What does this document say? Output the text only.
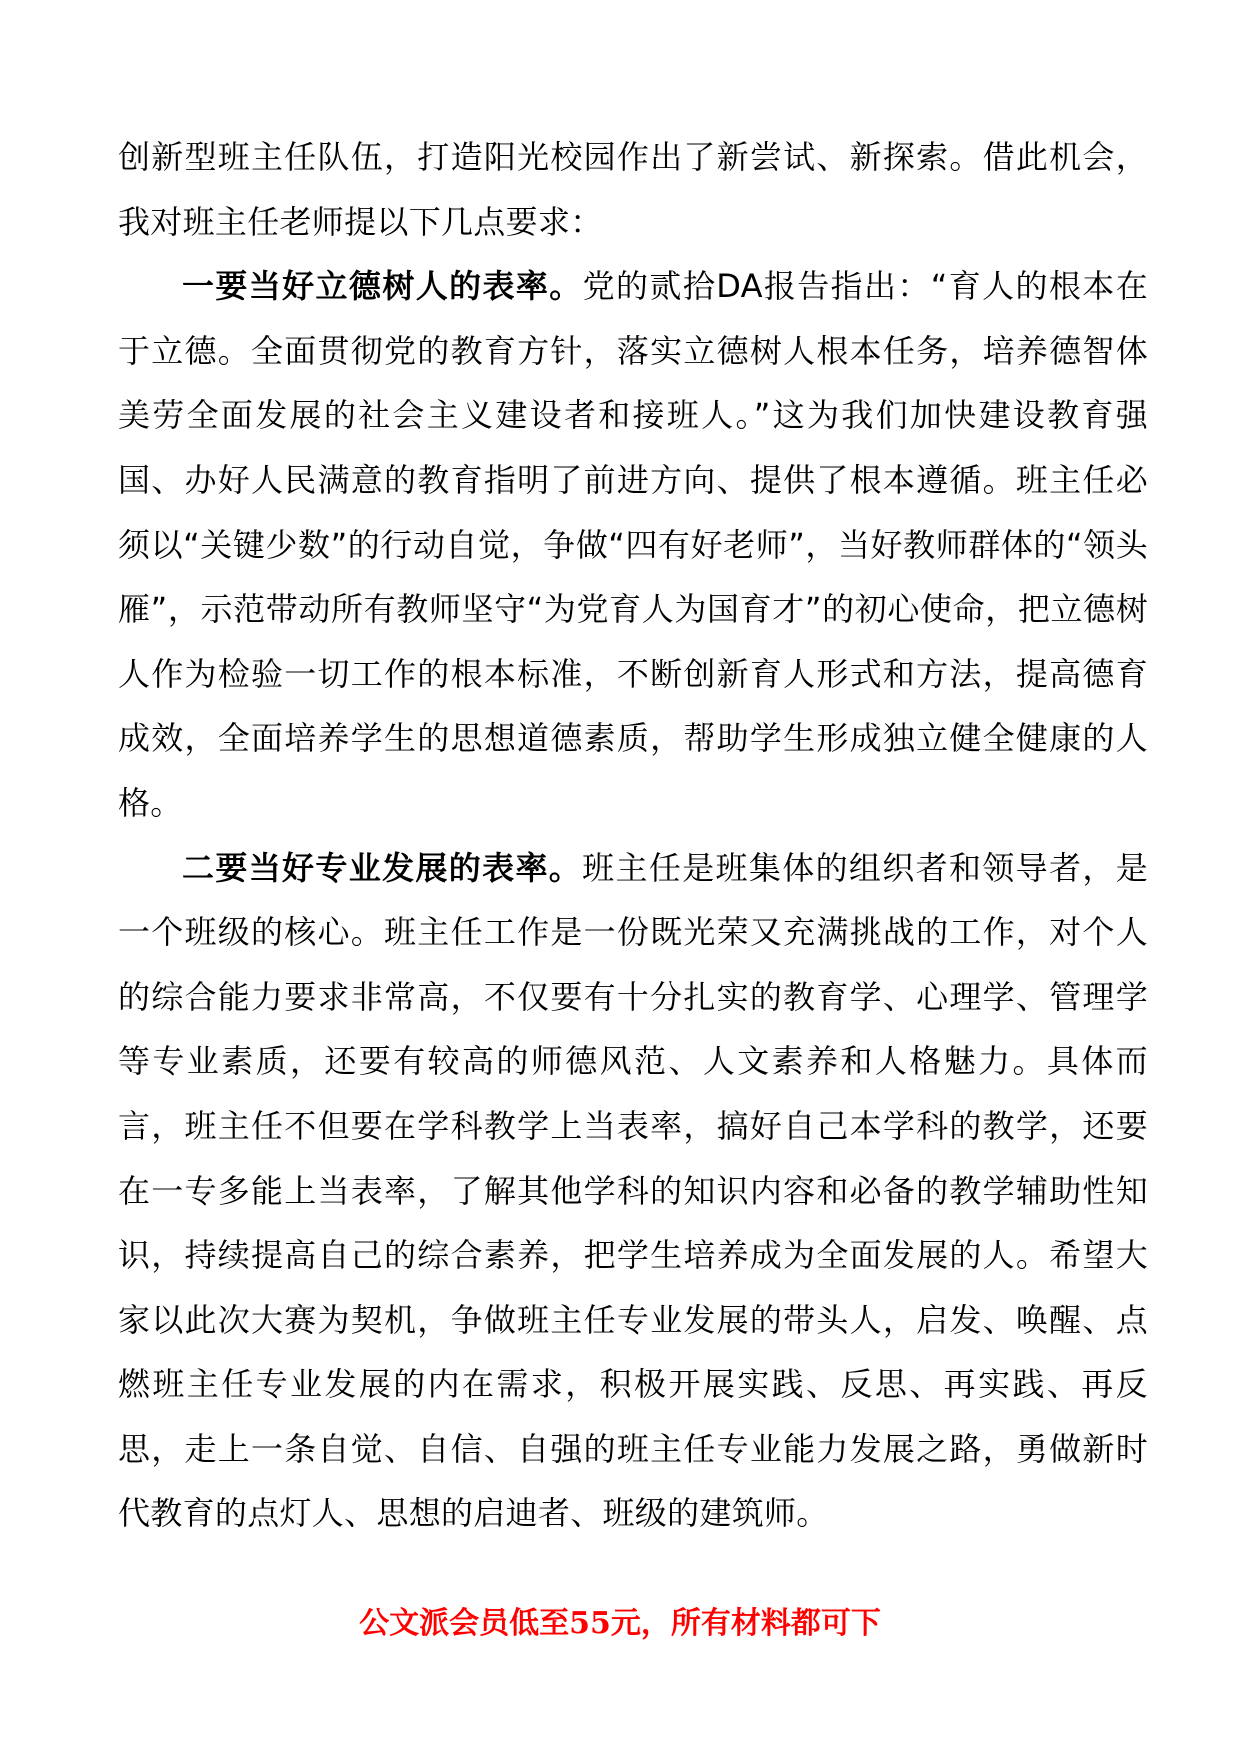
创新型班主任队伍，打造阳光校园作出了新尝试、新探索。借此机会，我对班主任老师提以下几点要求：

一要当好立德树人的表率。党的贰拾DA报告指出：“育人的根本在于立德。全面贯彻党的教育方针，落实立德树人根本任务，培养德智体美劳全面发展的社会主义建设者和接班人。”这为我们加快建设教育强国、办好人民满意的教育指明了前进方向、提供了根本遵循。班主任必须以“关键少数”的行动自觉，争做“四有好老师”，当好教师群体的“领头雁”，示范带动所有教师坚守“为党育人为国育才”的初心使命，把立德树人作为检验一切工作的根本标准，不断创新育人形式和方法，提高德育成效，全面培养学生的思想道德素质，帮助学生形成独立健全健康的人格。

二要当好专业发展的表率。班主任是班集体的组织者和领导者，是一个班级的核心。班主任工作是一份既光荣又充满挑战的工作，对个人的综合能力要求非常高，不仅要有十分扎实的教育学、心理学、管理学等专业素质，还要有较高的师德风范、人文素养和人格魅力。具体而言，班主任不但要在学科教学上当表率，搞好自己本学科的教学，还要在一专多能上当表率，了解其他学科的知识内容和必备的教学辅助性知识，持续提高自己的综合素养，把学生培养成为全面发展的人。希望大家以此次大赛为契机，争做班主任专业发展的带头人，启发、唤醒、点燃班主任专业发展的内在需求，积极开展实践、反思、再实践、再反思，走上一条自觉、自信、自强的班主任专业能力发展之路，勇做新时代教育的点灯人、思想的启迪者、班级的建筑师。

公文派会员低至55元，所有材料都可下
